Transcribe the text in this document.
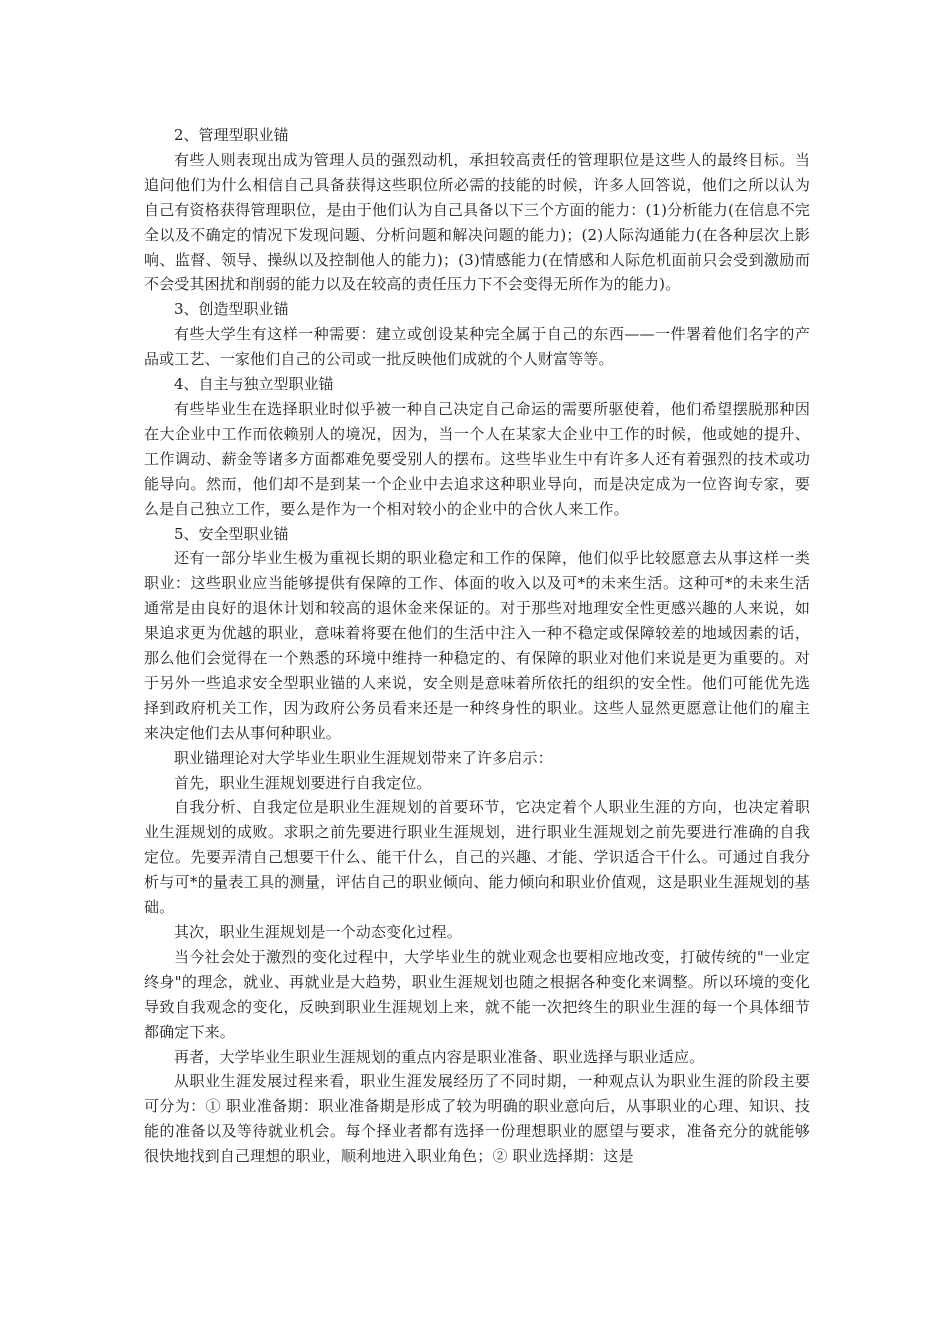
2、管理型职业锚

有些人则表现出成为管理人员的强烈动机，承担较高责任的管理职位是这些人的最终目标。当追问他们为什么相信自己具备获得这些职位所必需的技能的时候，许多人回答说，他们之所以认为自己有资格获得管理职位，是由于他们认为自己具备以下三个方面的能力：(1)分析能力(在信息不完全以及不确定的情况下发现问题、分析问题和解决问题的能力)；(2)人际沟通能力(在各种层次上影响、监督、领导、操纵以及控制他人的能力)；(3)情感能力(在情感和人际危机面前只会受到激励而不会受其困扰和削弱的能力以及在较高的责任压力下不会变得无所作为的能力)。

3、创造型职业锚

有些大学生有这样一种需要：建立或创设某种完全属于自己的东西——一件署着他们名字的产品或工艺、一家他们自己的公司或一批反映他们成就的个人财富等等。

4、自主与独立型职业锚

有些毕业生在选择职业时似乎被一种自己决定自己命运的需要所驱使着，他们希望摆脱那种因在大企业中工作而依赖别人的境况，因为，当一个人在某家大企业中工作的时候，他或她的提升、工作调动、薪金等诸多方面都难免要受别人的摆布。这些毕业生中有许多人还有着强烈的技术或功能导向。然而，他们却不是到某一个企业中去追求这种职业导向，而是决定成为一位咨询专家，要么是自己独立工作，要么是作为一个相对较小的企业中的合伙人来工作。

5、安全型职业锚

还有一部分毕业生极为重视长期的职业稳定和工作的保障，他们似乎比较愿意去从事这样一类职业：这些职业应当能够提供有保障的工作、体面的收入以及可*的未来生活。这种可*的未来生活通常是由良好的退休计划和较高的退休金来保证的。对于那些对地理安全性更感兴趣的人来说，如果追求更为优越的职业，意味着将要在他们的生活中注入一种不稳定或保障较差的地域因素的话，那么他们会觉得在一个熟悉的环境中维持一种稳定的、有保障的职业对他们来说是更为重要的。对于另外一些追求安全型职业锚的人来说，安全则是意味着所依托的组织的安全性。他们可能优先选择到政府机关工作，因为政府公务员看来还是一种终身性的职业。这些人显然更愿意让他们的雇主来决定他们去从事何种职业。

职业锚理论对大学毕业生职业生涯规划带来了许多启示：

首先，职业生涯规划要进行自我定位。

自我分析、自我定位是职业生涯规划的首要环节，它决定着个人职业生涯的方向，也决定着职业生涯规划的成败。求职之前先要进行职业生涯规划，进行职业生涯规划之前先要进行准确的自我定位。先要弄清自己想要干什么、能干什么，自己的兴趣、才能、学识适合干什么。可通过自我分析与可*的量表工具的测量，评估自己的职业倾向、能力倾向和职业价值观，这是职业生涯规划的基础。

其次，职业生涯规划是一个动态变化过程。

当今社会处于激烈的变化过程中，大学毕业生的就业观念也要相应地改变，打破传统的"一业定终身"的理念，就业、再就业是大趋势，职业生涯规划也随之根据各种变化来调整。所以环境的变化导致自我观念的变化，反映到职业生涯规划上来，就不能一次把终生的职业生涯的每一个具体细节都确定下来。

再者，大学毕业生职业生涯规划的重点内容是职业准备、职业选择与职业适应。

从职业生涯发展过程来看，职业生涯发展经历了不同时期，一种观点认为职业生涯的阶段主要可分为：① 职业准备期：职业准备期是形成了较为明确的职业意向后，从事职业的心理、知识、技能的准备以及等待就业机会。每个择业者都有选择一份理想职业的愿望与要求，准备充分的就能够很快地找到自己理想的职业，顺利地进入职业角色；② 职业选择期：这是
